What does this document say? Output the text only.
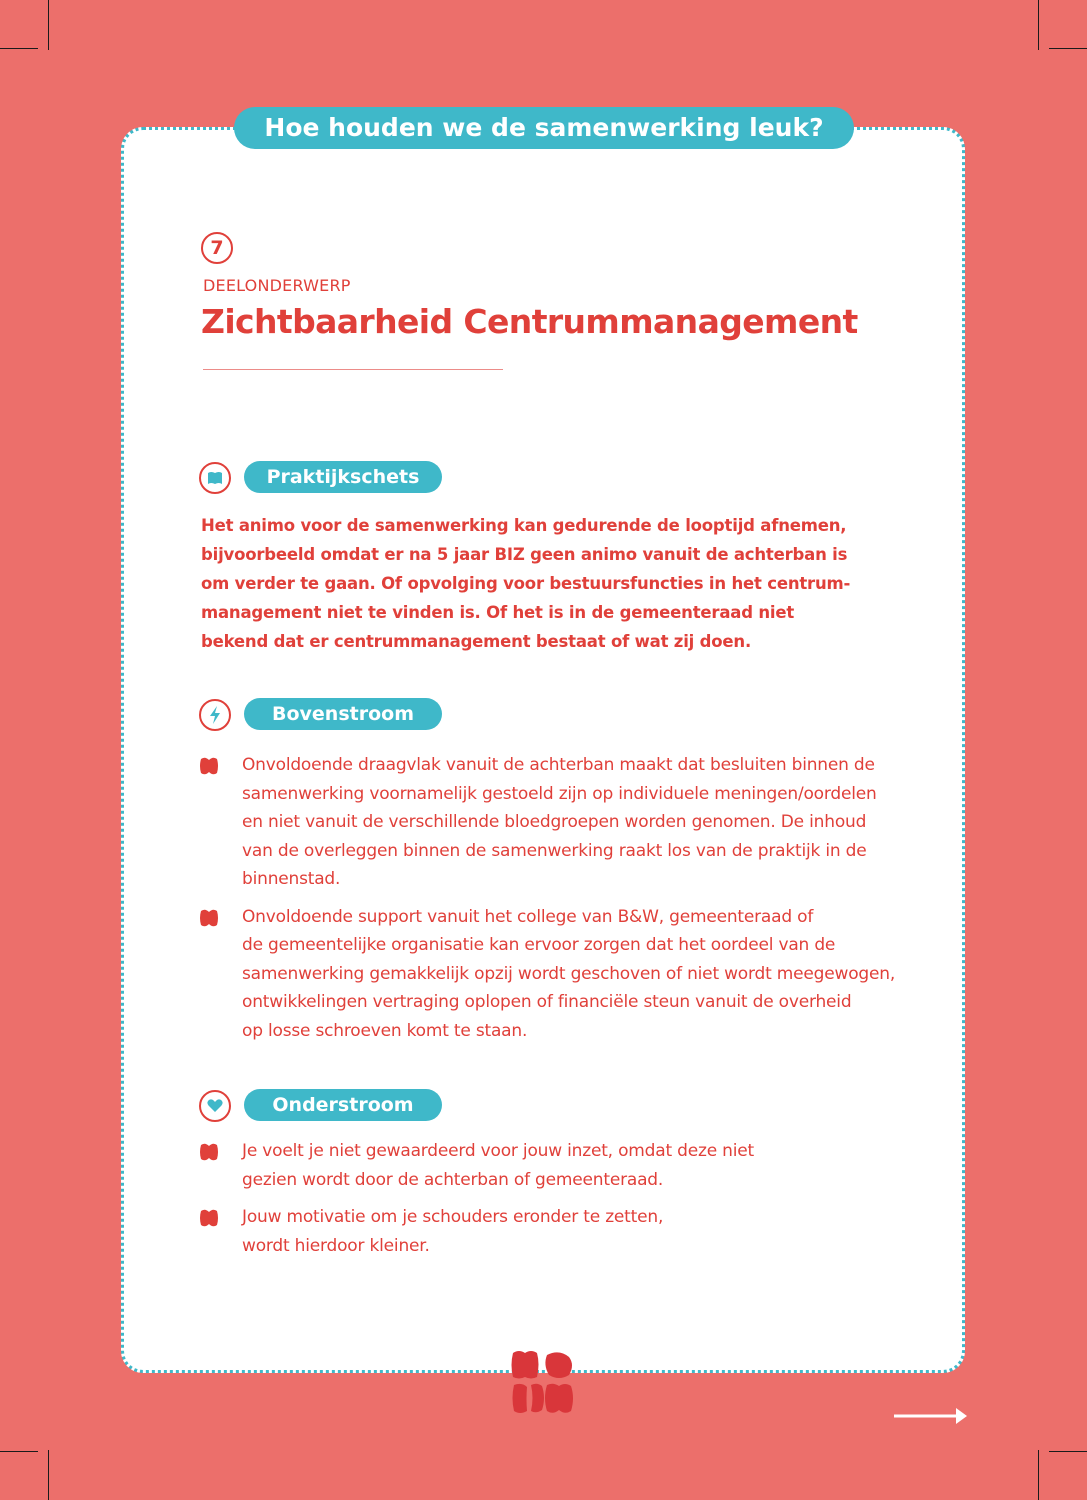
Hoe houden we de samenwerking leuk?
7
DEELONDERWERP
Zichtbaarheid Centrummanagement
Praktijkschets
Het animo voor de samenwerking kan gedurende de looptijd afnemen,
bijvoorbeeld omdat er na 5 jaar BIZ geen animo vanuit de achterban is
om verder te gaan. Of opvolging voor bestuursfuncties in het centrum-
management niet te vinden is. Of het is in de gemeenteraad niet
bekend dat er centrummanagement bestaat of wat zij doen.
Bovenstroom
Onvoldoende draagvlak vanuit de achterban maakt dat besluiten binnen de
samenwerking voornamelijk gestoeld zijn op individuele meningen/oordelen
en niet vanuit de verschillende bloedgroepen worden genomen. De inhoud
van de overleggen binnen de samenwerking raakt los van de praktijk in de
binnenstad.
Onvoldoende support vanuit het college van B&W, gemeenteraad of
de gemeentelijke organisatie kan ervoor zorgen dat het oordeel van de
samenwerking gemakkelijk opzij wordt geschoven of niet wordt meegewogen,
ontwikkelingen vertraging oplopen of financiële steun vanuit de overheid
op losse schroeven komt te staan.
Onderstroom
Je voelt je niet gewaardeerd voor jouw inzet, omdat deze niet
gezien wordt door de achterban of gemeenteraad.
Jouw motivatie om je schouders eronder te zetten,
wordt hierdoor kleiner.
